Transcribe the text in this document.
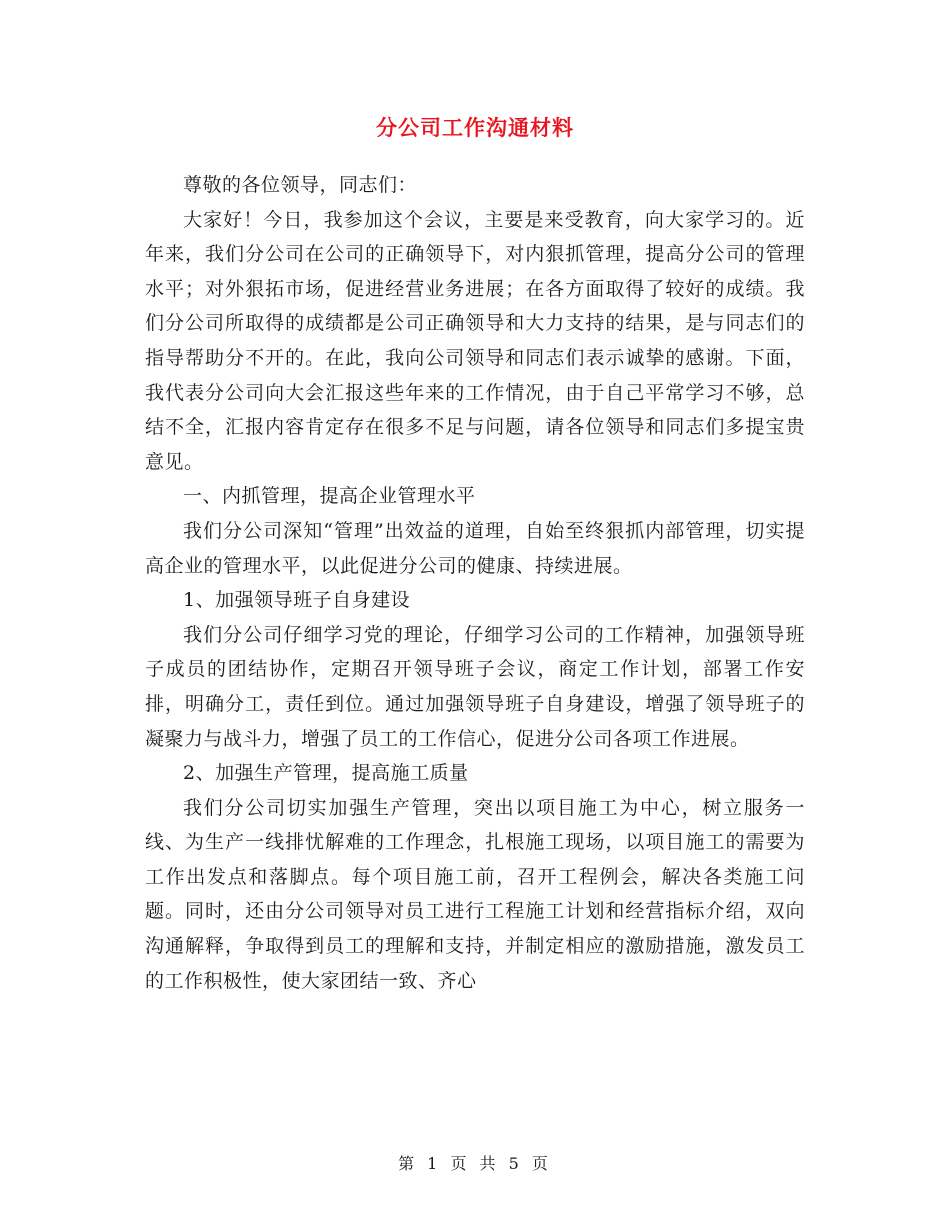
分公司工作沟通材料

尊敬的各位领导，同志们：

大家好！今日，我参加这个会议，主要是来受教育，向大家学习的。近年来，我们分公司在公司的正确领导下，对内狠抓管理，提高分公司的管理水平；对外狠拓市场，促进经营业务进展；在各方面取得了较好的成绩。我们分公司所取得的成绩都是公司正确领导和大力支持的结果，是与同志们的指导帮助分不开的。在此，我向公司领导和同志们表示诚挚的感谢。下面，我代表分公司向大会汇报这些年来的工作情况，由于自己平常学习不够，总结不全，汇报内容肯定存在很多不足与问题，请各位领导和同志们多提宝贵意见。

一、内抓管理，提高企业管理水平

我们分公司深知“管理”出效益的道理，自始至终狠抓内部管理，切实提高企业的管理水平，以此促进分公司的健康、持续进展。

1、加强领导班子自身建设

我们分公司仔细学习党的理论，仔细学习公司的工作精神，加强领导班子成员的团结协作，定期召开领导班子会议，商定工作计划，部署工作安排，明确分工，责任到位。通过加强领导班子自身建设，增强了领导班子的凝聚力与战斗力，增强了员工的工作信心，促进分公司各项工作进展。

2、加强生产管理，提高施工质量

我们分公司切实加强生产管理，突出以项目施工为中心，树立服务一线、为生产一线排忧解难的工作理念，扎根施工现场，以项目施工的需要为工作出发点和落脚点。每个项目施工前，召开工程例会，解决各类施工问题。同时，还由分公司领导对员工进行工程施工计划和经营指标介绍，双向沟通解释，争取得到员工的理解和支持，并制定相应的激励措施，激发员工的工作积极性，使大家团结一致、齐心

第 1 页 共 5 页
